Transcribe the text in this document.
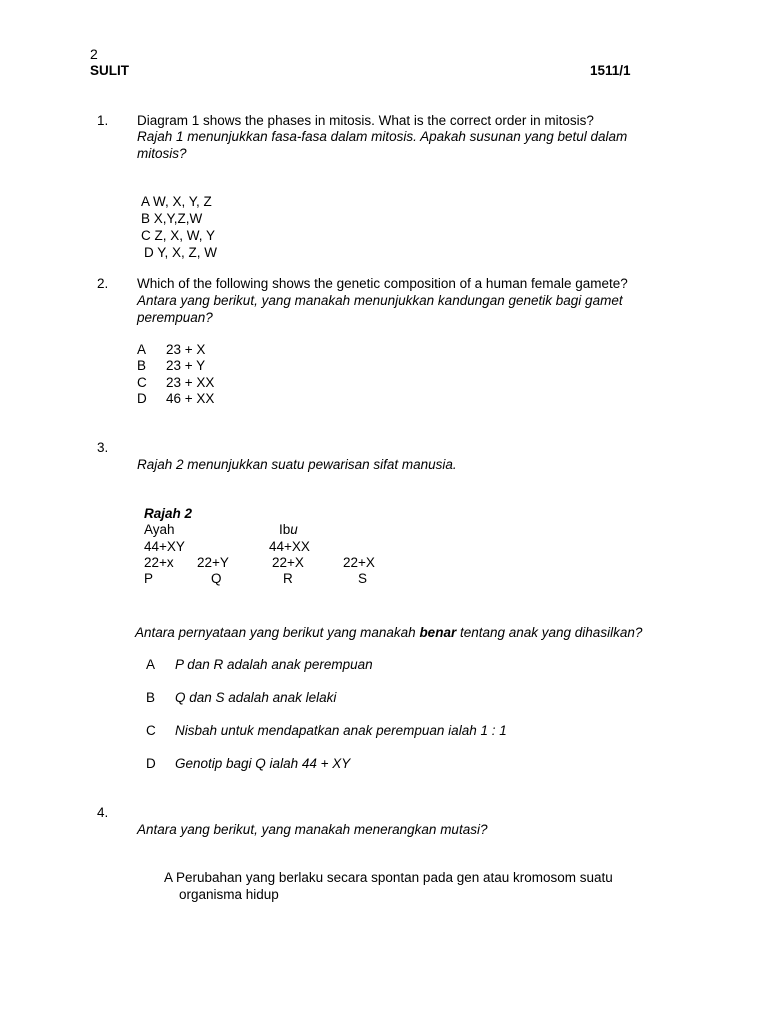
2
SULIT	1511/1
1. Diagram 1 shows the phases in mitosis. What is the correct order in mitosis?
Rajah 1 menunjukkan fasa-fasa dalam mitosis. Apakah susunan yang betul dalam
mitosis?
A W, X, Y, Z
B X,Y,Z,W
C Z, X, W, Y
D Y, X, Z, W
2. Which of the following shows the genetic composition of a human female gamete?
Antara yang berikut, yang manakah menunjukkan kandungan genetik bagi gamet
perempuan?
A 23 + X
B 23 + Y
C 23 + XX
D 46 + XX
3.
Rajah 2 menunjukkan suatu pewarisan sifat manusia.
Rajah 2
Ayah	Ibu
44+XY	44+XX
22+x 22+Y	22+X	22+X
P	Q	R	S
Antara pernyataan yang berikut yang manakah benar tentang anak yang dihasilkan?
A P dan R adalah anak perempuan
B Q dan S adalah anak lelaki
C Nisbah untuk mendapatkan anak perempuan ialah 1 : 1
D Genotip bagi Q ialah 44 + XY
4.
Antara yang berikut, yang manakah menerangkan mutasi?
A Perubahan yang berlaku secara spontan pada gen atau kromosom suatu
organisma hidup
